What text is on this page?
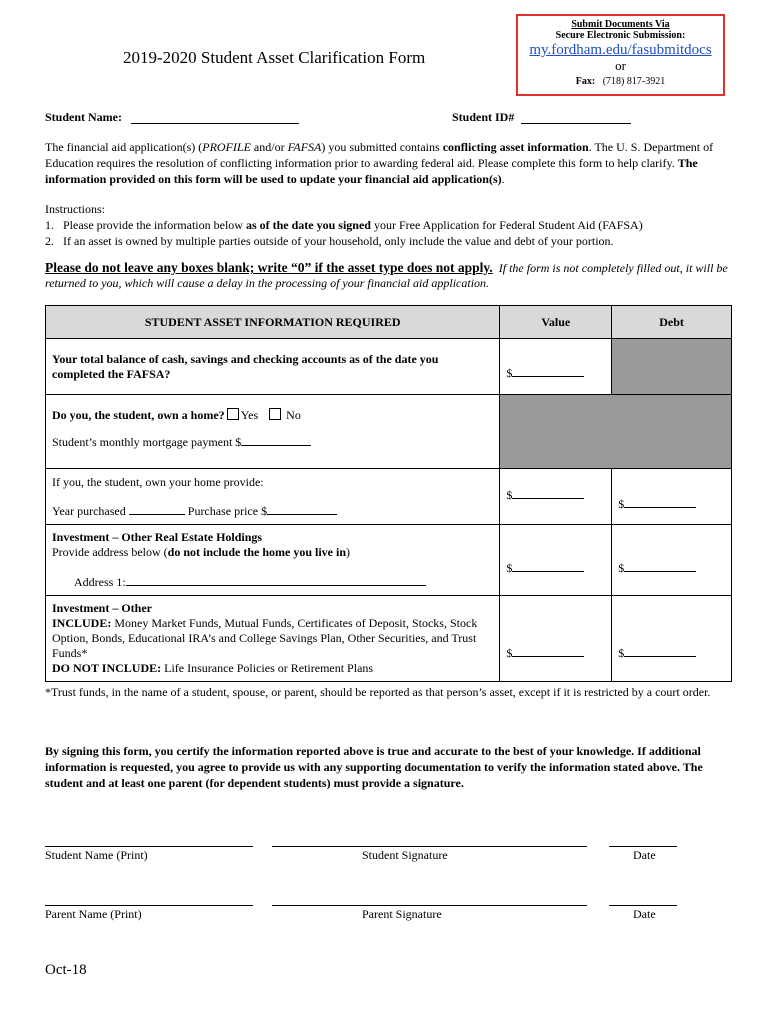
Submit Documents Via
Secure Electronic Submission:
my.fordham.edu/fasubmitdocs
or
Fax: (718) 817-3921
2019-2020 Student Asset Clarification Form
Student Name:	Student ID#
The financial aid application(s) (PROFILE and/or FAFSA) you submitted contains conflicting asset information. The U. S. Department of Education requires the resolution of conflicting information prior to awarding federal aid. Please complete this form to help clarify. The information provided on this form will be used to update your financial aid application(s).
Instructions:
1. Please provide the information below as of the date you signed your Free Application for Federal Student Aid (FAFSA)
2. If an asset is owned by multiple parties outside of your household, only include the value and debt of your portion.
Please do not leave any boxes blank; write “0” if the asset type does not apply. If the form is not completely filled out, it will be returned to you, which will cause a delay in the processing of your financial aid application.
STUDENT ASSET INFORMATION REQUIRED	Value	Debt

Your total balance of cash, savings and checking accounts as of the date you completed the FAFSA?	$	

Do you, the student, own a home? Yes No
Student’s monthly mortgage payment $		

If you, the student, own your home provide:
Year purchased Purchase price $	$	$

Investment – Other Real Estate Holdings
Provide address below (do not include the home you live in)
Address 1:	$	$

Investment – Other
INCLUDE: Money Market Funds, Mutual Funds, Certificates of Deposit, Stocks, Stock Option, Bonds, Educational IRA’s and College Savings Plan, Other Securities, and Trust Funds*
DO NOT INCLUDE: Life Insurance Policies or Retirement Plans	$	$
*Trust funds, in the name of a student, spouse, or parent, should be reported as that person’s asset, except if it is restricted by a court order.
By signing this form, you certify the information reported above is true and accurate to the best of your knowledge. If additional information is requested, you agree to provide us with any supporting documentation to verify the information stated above. The student and at least one parent (for dependent students) must provide a signature.
Student Name (Print)	Student Signature	Date
Parent Name (Print)	Parent Signature	Date
Oct-18
